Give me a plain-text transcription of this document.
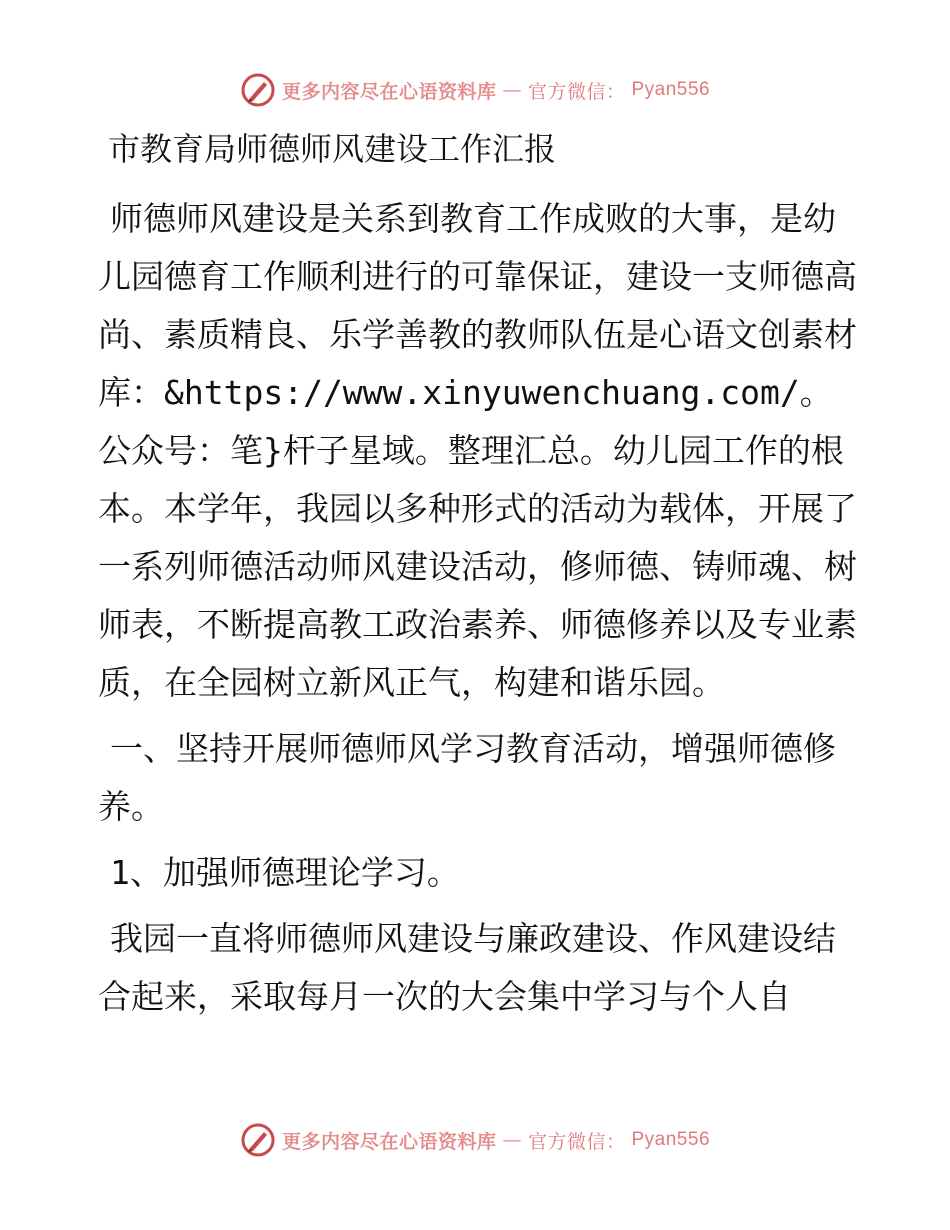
更多内容尽在心语资料库 — 官方微信： Pyan556
市教育局师德师风建设工作汇报

师德师风建设是关系到教育工作成败的大事，是幼儿园德育工作顺利进行的可靠保证，建设一支师德高尚、素质精良、乐学善教的教师队伍是心语文创素材库：&https://www.xinyuwenchuang.com/。公众号：笔}杆子星域。整理汇总。幼儿园工作的根本。本学年，我园以多种形式的活动为载体，开展了一系列师德活动师风建设活动，修师德、铸师魂、树师表，不断提高教工政治素养、师德修养以及专业素质，在全园树立新风正气，构建和谐乐园。

一、坚持开展师德师风学习教育活动，增强师德修养。

1、加强师德理论学习。

我园一直将师德师风建设与廉政建设、作风建设结合起来，采取每月一次的大会集中学习与个人自

更多内容尽在心语资料库 — 官方微信： Pyan556
